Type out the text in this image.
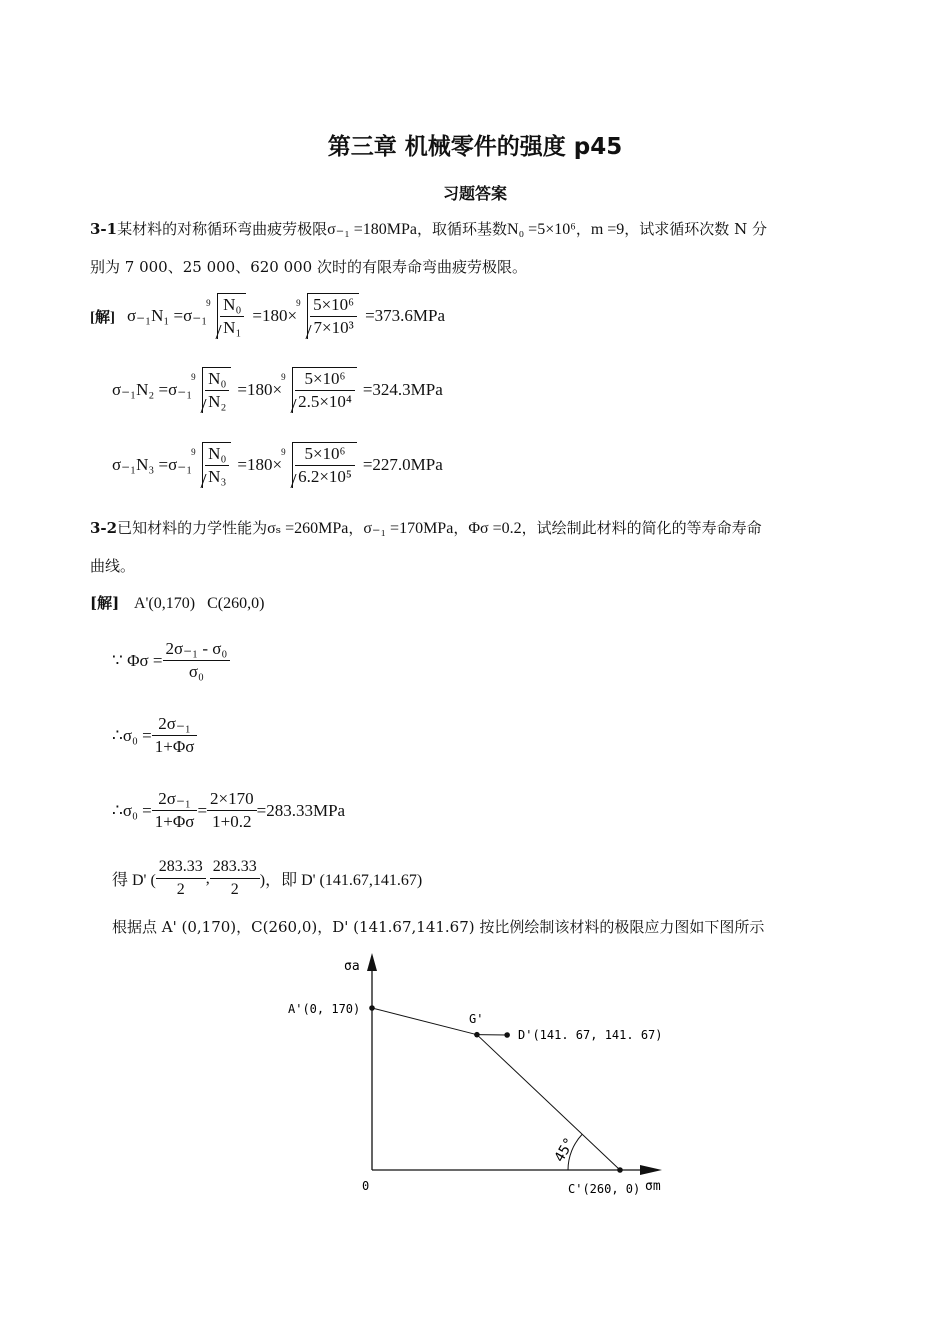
第三章 机械零件的强度 p45
习题答案
3-1某材料的对称循环弯曲疲劳极限σ₋₁ =180MPa，取循环基数N₀ =5×10⁶，m =9，试求循环次数 N 分
别为 7 000、25 000、620 000 次时的有限寿命弯曲疲劳极限。
[解] σ₋₁N₁ =σ₋₁
$9 \frac{\text{N₀}}{\text{N₁}} =180\times$
$9 \frac{\text{5×10⁶}}{\text{7×10³}} =373.6MPa$
σ₋₁N₂ =σ₋₁
$9 \frac{\text{N₀}}{\text{N₂}} =180\times$
$9 \frac{\text{5×10⁶}}{\text{2.5×10⁴}} =324.3MPa$
σ₋₁N₃ =σ₋₁
$9 \frac{\text{N₀}}{\text{N₃}} =180\times$
$9 \frac{\text{5×10⁶}}{\text{6.2×10⁵}} =227.0MPa$
3-2已知材料的力学性能为σₛ =260MPa，σ₋₁ =170MPa，Φσ =0.2，试绘制此材料的简化的等寿命寿命
曲线。
[解] A'(0,170)   C(260,0)
∵ $\Phi\sigma = \frac{\text{2σ₋₁ - σ₀}}{\text{σ₀}}$
∴σ₀ = $\frac{\text{2σ₋₁}}{1+\Phi\sigma}$
∴σ₀ = $\frac{\text{2σ₋₁}}{1+\Phi\sigma} = \frac{2\times 170}{1+0.2} =283.33MPa$
得 D' ( $\frac{283.33}{2}$ , $\frac{283.33}{2}$ )，即 D' (141.67,141.67)
根据点 A' (0,170)，C(260,0)，D' (141.67,141.67) 按比例绘制该材料的极限应力图如下图所示
σa
σm
0
A'(0, 170)
G'
D'(141. 67, 141. 67)
C'(260, 0)
45°
